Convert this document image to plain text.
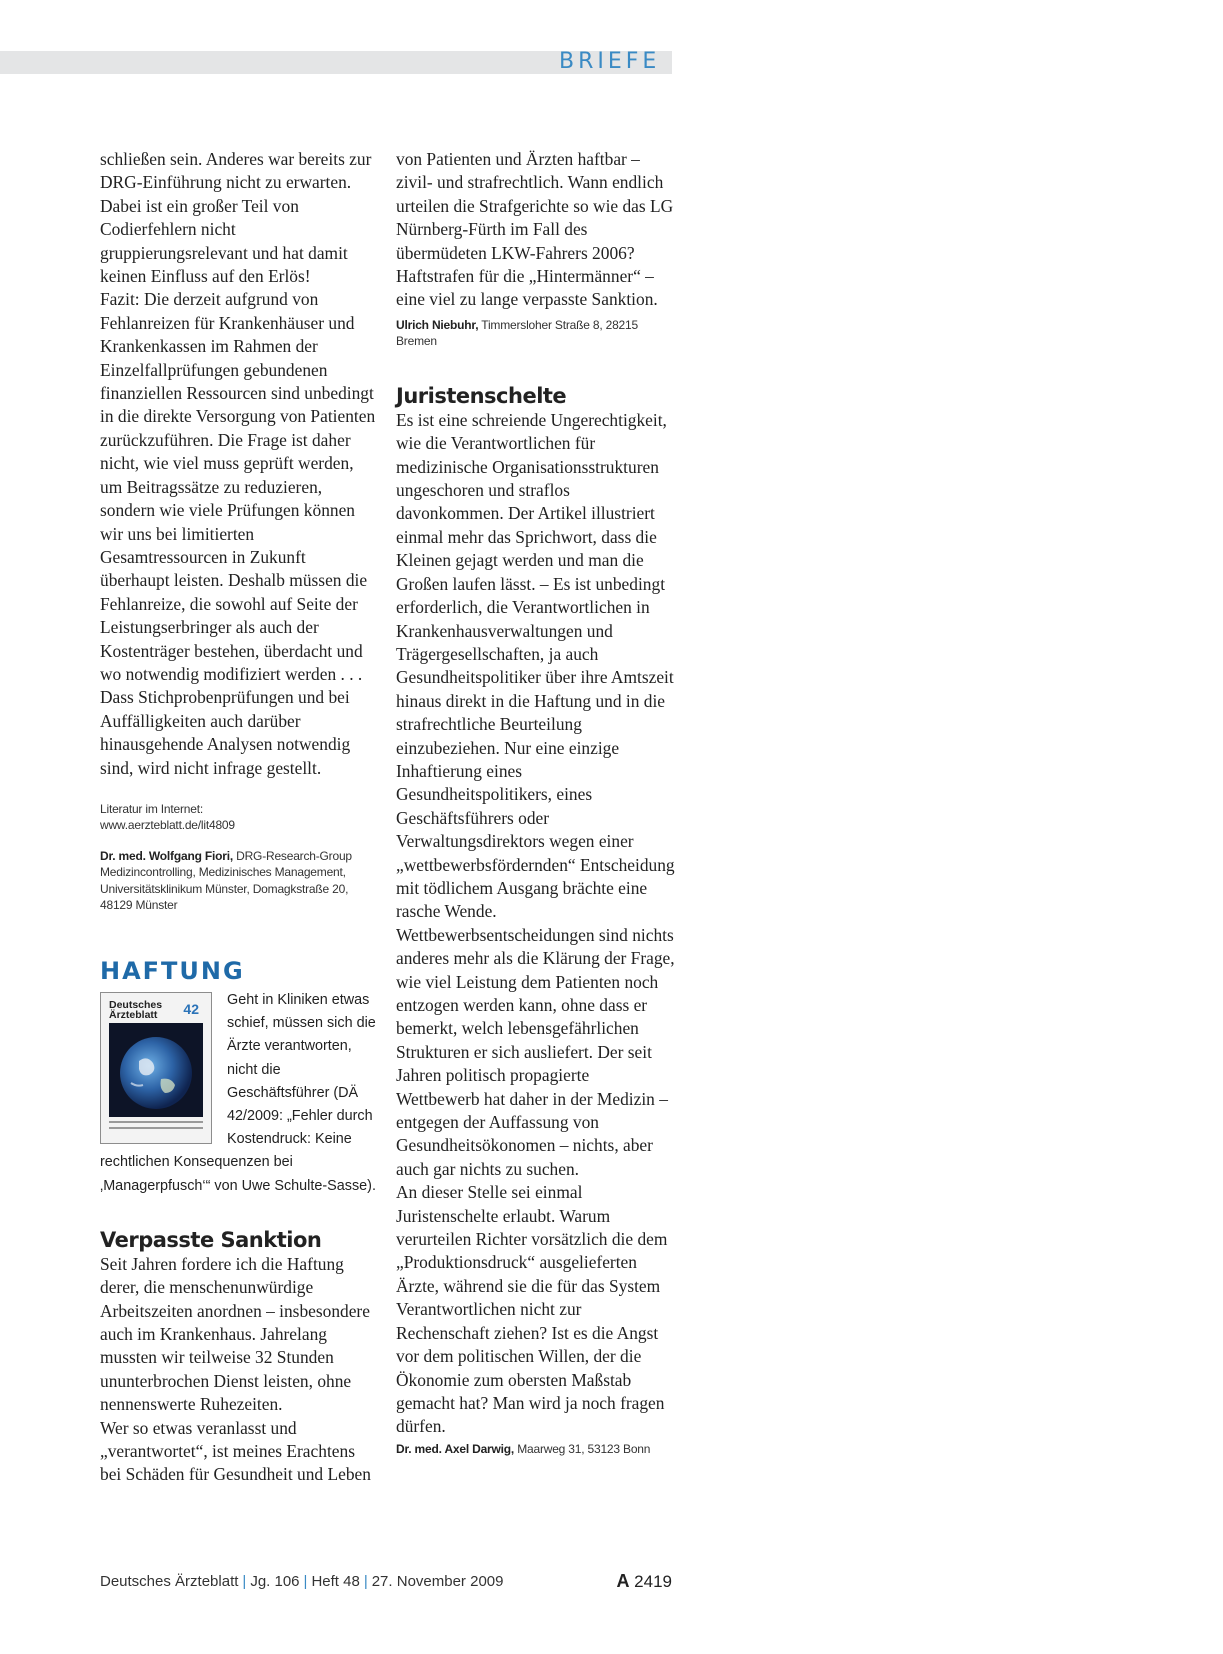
BRIEFE

schließen sein. Anderes war bereits zur DRG-Einführung nicht zu erwarten. Dabei ist ein großer Teil von Codierfehlern nicht gruppierungsrelevant und hat damit keinen Einfluss auf den Erlös!

Fazit: Die derzeit aufgrund von Fehlanreizen für Krankenhäuser und Krankenkassen im Rahmen der Einzelfallprüfungen gebundenen finanziellen Ressourcen sind unbedingt in die direkte Versorgung von Patienten zurückzuführen. Die Frage ist daher nicht, wie viel muss geprüft werden, um Beitragssätze zu reduzieren, sondern wie viele Prüfungen können wir uns bei limitierten Gesamtressourcen in Zukunft überhaupt leisten. Deshalb müssen die Fehlanreize, die sowohl auf Seite der Leistungserbringer als auch der Kostenträger bestehen, überdacht und wo notwendig modifiziert werden . . . Dass Stichprobenprüfungen und bei Auffälligkeiten auch darüber hinausgehende Analysen notwendig sind, wird nicht infrage gestellt.

Literatur im Internet:
www.aerzteblatt.de/lit4809
Dr. med. Wolfgang Fiori, DRG-Research-Group Medizincontrolling, Medizinisches Management, Universitätsklinikum Münster, Domagkstraße 20, 48129 Münster
HAFTUNG
Deutsches
Ärzteblatt	42
Geht in Kliniken etwas schief, müssen sich die Ärzte verantworten, nicht die Geschäftsführer (DÄ 42/2009: „Fehler durch Kostendruck: Keine rechtlichen Konsequenzen bei ‚Managerpfusch‘“ von Uwe Schulte-Sasse).
Verpasste Sanktion

Seit Jahren fordere ich die Haftung derer, die menschenunwürdige Arbeitszeiten anordnen – insbesondere auch im Krankenhaus. Jahrelang mussten wir teilweise 32 Stunden ununterbrochen Dienst leisten, ohne nennenswerte Ruhezeiten.

Wer so etwas veranlasst und „verantwortet“, ist meines Erachtens bei Schäden für Gesundheit und Leben

von Patienten und Ärzten haftbar – zivil- und strafrechtlich. Wann endlich urteilen die Strafgerichte so wie das LG Nürnberg-Fürth im Fall des übermüdeten LKW-Fahrers 2006?

Haftstrafen für die „Hintermänner“ – eine viel zu lange verpasste Sanktion.

Ulrich Niebuhr, Timmersloher Straße 8, 28215 Bremen
Juristenschelte

Es ist eine schreiende Ungerechtigkeit, wie die Verantwortlichen für medizinische Organisationsstrukturen ungeschoren und straflos davonkommen. Der Artikel illustriert einmal mehr das Sprichwort, dass die Kleinen gejagt werden und man die Großen laufen lässt. – Es ist unbedingt erforderlich, die Verantwortlichen in Krankenhausverwaltungen und Trägergesellschaften, ja auch Gesundheitspolitiker über ihre Amtszeit hinaus direkt in die Haftung und in die strafrechtliche Beurteilung einzubeziehen. Nur eine einzige Inhaftierung eines Gesundheitspolitikers, eines Geschäftsführers oder Verwaltungsdirektors wegen einer „wettbewerbsfördernden“ Entscheidung mit tödlichem Ausgang brächte eine rasche Wende.

Wettbewerbsentscheidungen sind nichts anderes mehr als die Klärung der Frage, wie viel Leistung dem Patienten noch entzogen werden kann, ohne dass er bemerkt, welch lebensgefährlichen Strukturen er sich ausliefert. Der seit Jahren politisch propagierte Wettbewerb hat daher in der Medizin – entgegen der Auffassung von Gesundheitsökonomen – nichts, aber auch gar nichts zu suchen.

An dieser Stelle sei einmal Juristenschelte erlaubt. Warum verurteilen Richter vorsätzlich die dem „Produktionsdruck“ ausgelieferten Ärzte, während sie die für das System Verantwortlichen nicht zur Rechenschaft ziehen? Ist es die Angst vor dem politischen Willen, der die Ökonomie zum obersten Maßstab gemacht hat? Man wird ja noch fragen dürfen.

Dr. med. Axel Darwig, Maarweg 31, 53123 Bonn
Deutsches Ärzteblatt | Jg. 106 | Heft 48 | 27. November 2009	A 2419
